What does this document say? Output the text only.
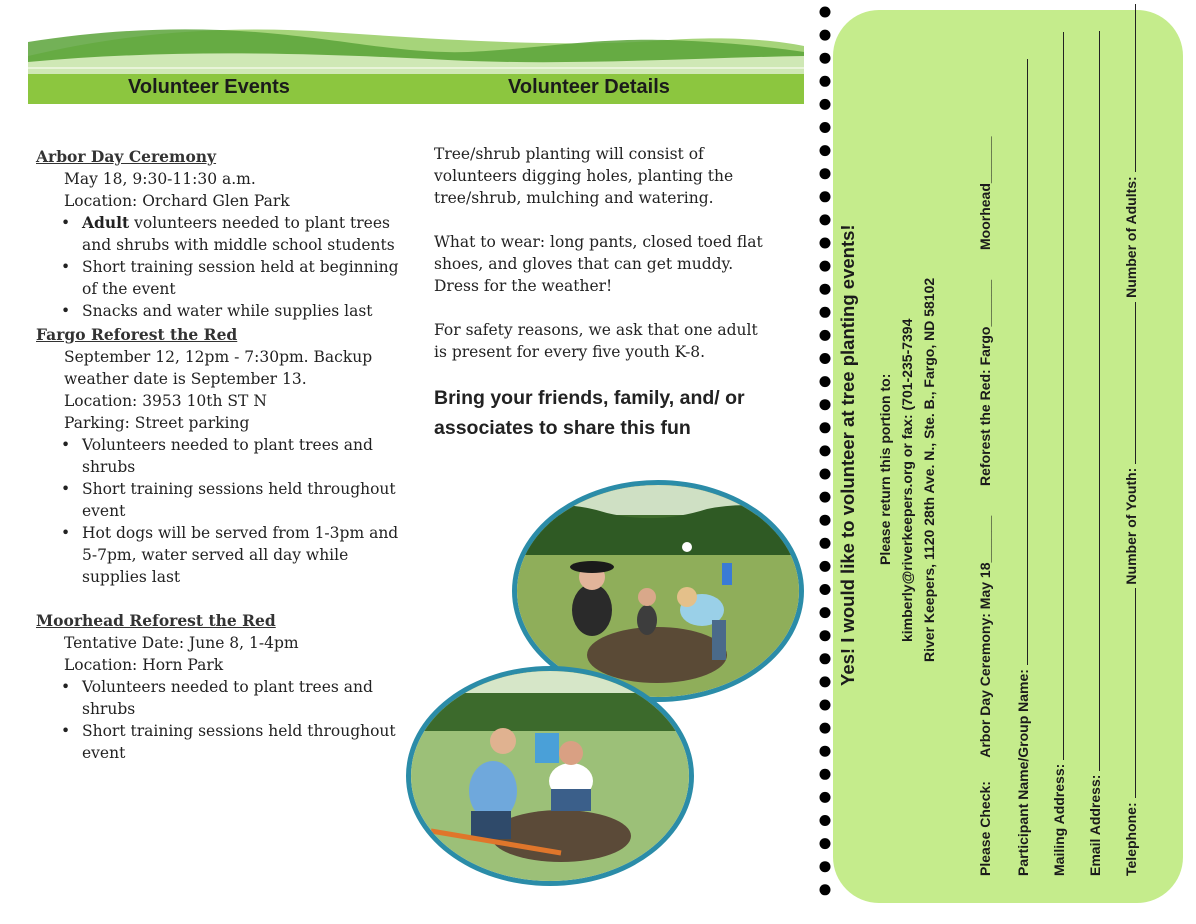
Volunteer Events	Volunteer Details

Arbor Day Ceremony

May 18, 9:30-11:30 a.m.
Location: Orchard Glen Park
• Adult volunteers needed to plant trees and shrubs with middle school students
• Short training session held at beginning of the event
• Snacks and water while supplies last

Fargo Reforest the Red

September 12, 12pm - 7:30pm. Backup weather date is September 13.
Location: 3953 10th ST N
Parking: Street parking
• Volunteers needed to plant trees and shrubs
• Short training sessions held throughout event
• Hot dogs will be served from 1-3pm and 5-7pm, water served all day while supplies last

Moorhead Reforest the Red

Tentative Date: June 8, 1-4pm
Location: Horn Park
• Volunteers needed to plant trees and shrubs
• Short training sessions held throughout event

Tree/shrub planting will consist of volunteers digging holes, planting the tree/shrub, mulching and watering.

What to wear: long pants, closed toed flat shoes, and gloves that can get muddy. Dress for the weather!

For safety reasons, we ask that one adult is present for every five youth K-8.

Bring your friends, family, and/ or associates to share this fun	Yes! I would like to volunteer at tree planting events! Please return this portion to: kimberly@riverkeepers.org or fax: (701-235-7394 River Keepers, 1120 28th Ave. N., Ste. B., Fargo, ND 58102
Please Check:  Arbor Day Ceremony: May 18______  Reforest the Red: Fargo______  Moorhead______
Participant Name/Group Name: Mailing Address: Email Address: Telephone:  Number of Youth:  Number of Adults:
